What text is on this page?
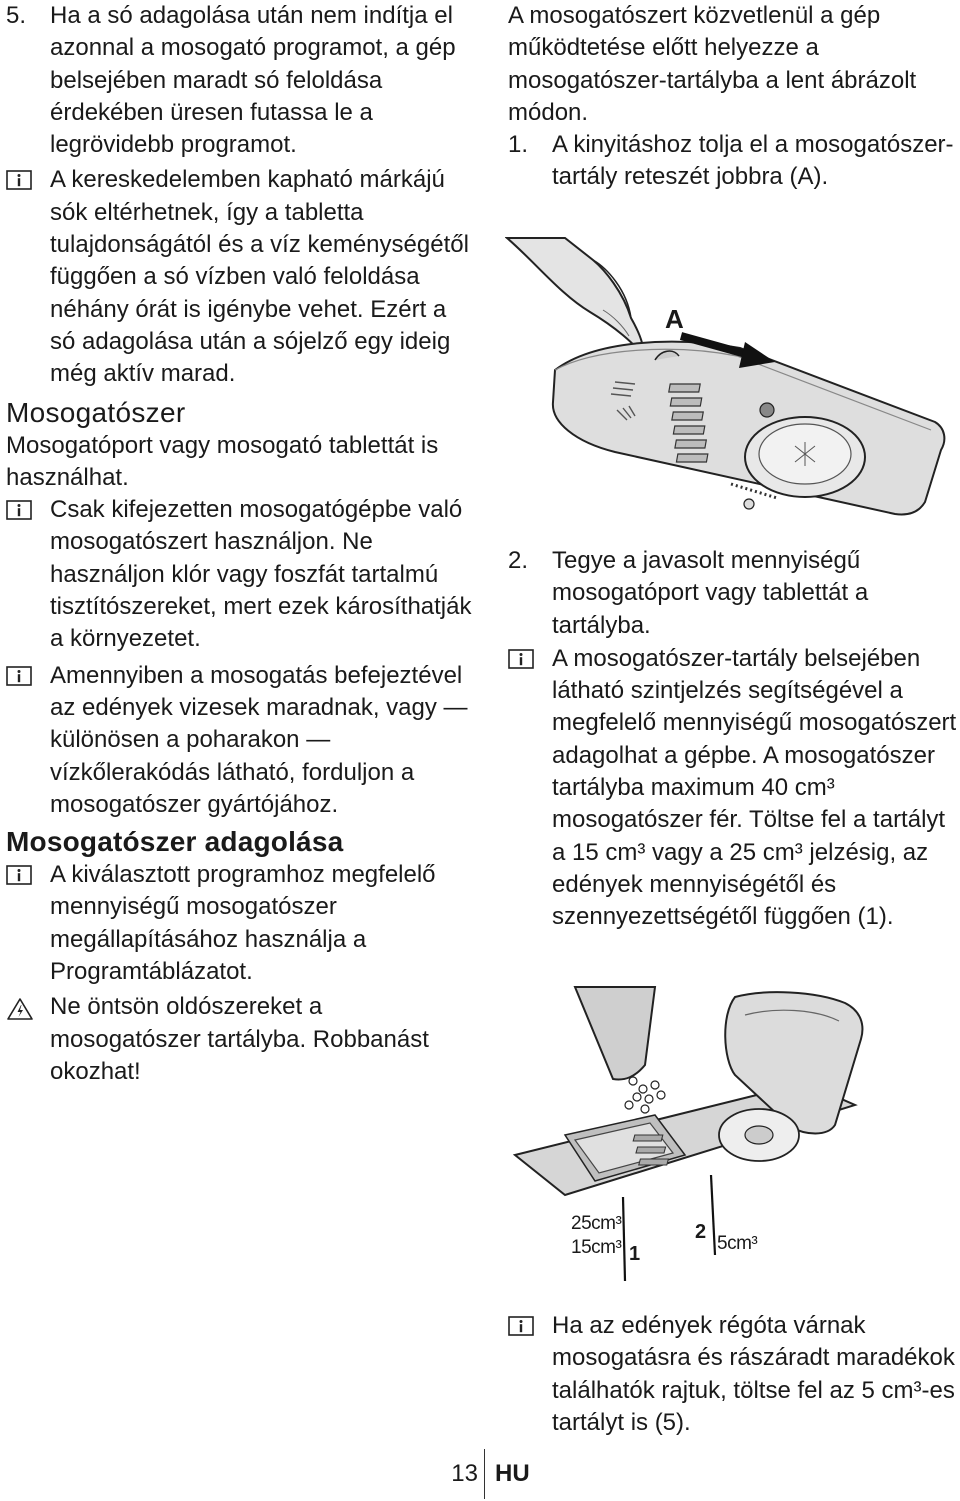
5. Ha a só adagolása után nem indítja el azonnal a mosogató programot, a gép belsejében maradt só feloldása érdekében üresen futassa le a legrövidebb programot.
A kereskedelemben kapható márkájú sók eltérhetnek, így a tabletta tulajdonságától és a víz keménységétől függően a só vízben való feloldása néhány órát is igénybe vehet. Ezért a só adagolása után a sójelző egy ideig még aktív marad.
Mosogatószer
Mosogatóport vagy mosogató tablettát is használhat.
Csak kifejezetten mosogatógépbe való mosogatószert használjon. Ne használjon klór vagy foszfát tartalmú tisztítószereket, mert ezek károsíthatják a környezetet.
Amennyiben a mosogatás befejeztével az edények vizesek maradnak, vagy — különösen a poharakon — vízkőlerakódás látható, forduljon a mosogatószer gyártójához.
Mosogatószer adagolása
A kiválasztott programhoz megfelelő mennyiségű mosogatószer megállapításához használja a Programtáblázatot.
Ne öntsön oldószereket a mosogatószer tartályba. Robbanást okozhat!
A mosogatószert közvetlenül a gép működtetése előtt helyezze a mosogatószer-tartályba a lent ábrázolt módon.
1. A kinyitáshoz tolja el a mosogatószer-tartály reteszét jobbra (A).
2. Tegye a javasolt mennyiségű mosogatóport vagy tablettát a tartályba.
A mosogatószer-tartály belsejében látható szintjelzés segítségével a megfelelő mennyiségű mosogatószert adagolhat a gépbe. A mosogatószer tartályba maximum 40 cm³ mosogatószer fér. Töltse fel a tartályt a 15 cm³ vagy a 25 cm³ jelzésig, az edények mennyiségétől és szennyezettségétől függően (1).
Ha az edények régóta várnak mosogatásra és rászáradt maradékok találhatók rajtuk, töltse fel az 5 cm³-es tartályt is (5).
A
25cm³
15cm³ 1
2
5cm³
13 HU
